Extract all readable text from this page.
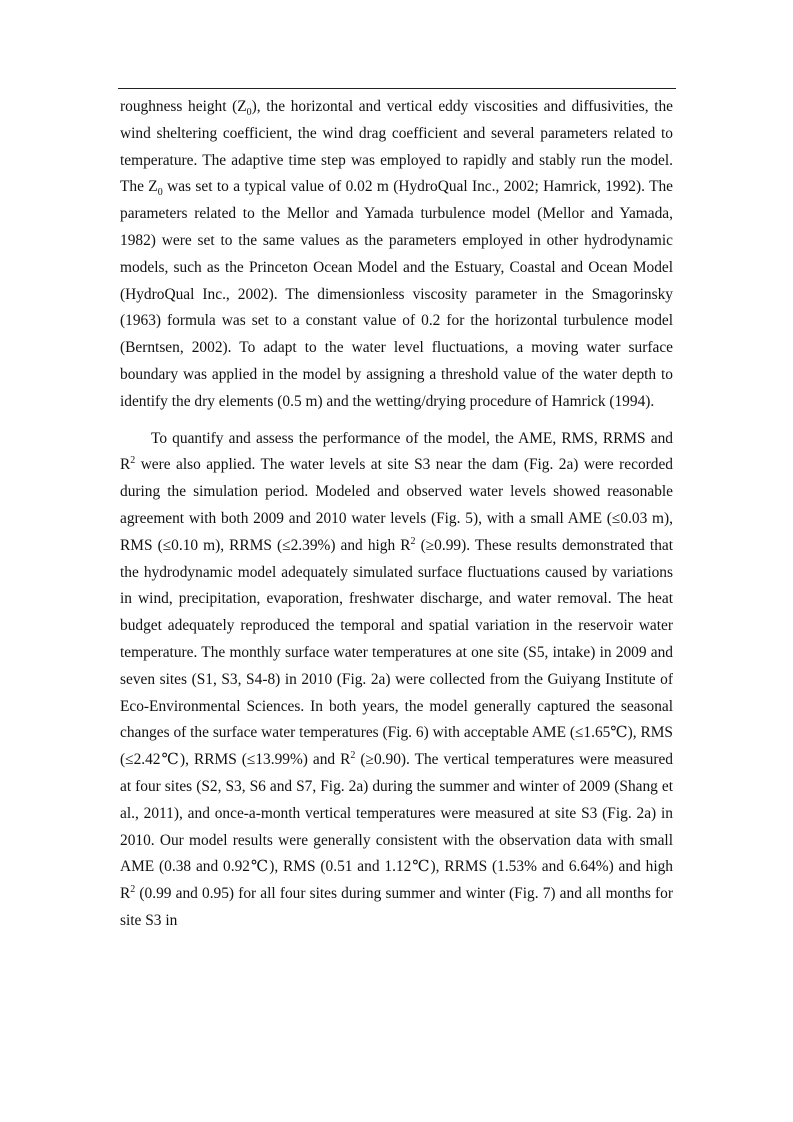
roughness height $(Z_0)$, the horizontal and vertical eddy viscosities and diffusivities, the wind sheltering coefficient, the wind drag coefficient and several parameters related to temperature. The adaptive time step was employed to rapidly and stably run the model. The $Z_0$ was set to a typical value of 0.02 m (HydroQual Inc., 2002; Hamrick, 1992). The parameters related to the Mellor and Yamada turbulence model (Mellor and Yamada, 1982) were set to the same values as the parameters employed in other hydrodynamic models, such as the Princeton Ocean Model and the Estuary, Coastal and Ocean Model (HydroQual Inc., 2002). The dimensionless viscosity parameter in the Smagorinsky (1963) formula was set to a constant value of 0.2 for the horizontal turbulence model (Berntsen, 2002). To adapt to the water level fluctuations, a moving water surface boundary was applied in the model by assigning a threshold value of the water depth to identify the dry elements (0.5 m) and the wetting/drying procedure of Hamrick (1994).

To quantify and assess the performance of the model, the AME, RMS, RRMS and $R^2$ were also applied. The water levels at site S3 near the dam (Fig. 2a) were recorded during the simulation period. Modeled and observed water levels showed reasonable agreement with both 2009 and 2010 water levels (Fig. 5), with a small AME (≤0.03 m), RMS (≤0.10 m), RRMS (≤2.39%) and high $R^2$ (≥0.99). These results demonstrated that the hydrodynamic model adequately simulated surface fluctuations caused by variations in wind, precipitation, evaporation, freshwater discharge, and water removal. The heat budget adequately reproduced the temporal and spatial variation in the reservoir water temperature. The monthly surface water temperatures at one site (S5, intake) in 2009 and seven sites (S1, S3, S4-8) in 2010 (Fig. 2a) were collected from the Guiyang Institute of Eco-Environmental Sciences. In both years, the model generally captured the seasonal changes of the surface water temperatures (Fig. 6) with acceptable AME (≤1.65℃), RMS (≤2.42℃), RRMS (≤13.99%) and $R^2$ (≥0.90). The vertical temperatures were measured at four sites (S2, S3, S6 and S7, Fig. 2a) during the summer and winter of 2009 (Shang et al., 2011), and once-a-month vertical temperatures were measured at site S3 (Fig. 2a) in 2010. Our model results were generally consistent with the observation data with small AME (0.38 and 0.92℃), RMS (0.51 and 1.12℃), RRMS (1.53% and 6.64%) and high $R^2$ (0.99 and 0.95) for all four sites during summer and winter (Fig. 7) and all months for site S3 in
